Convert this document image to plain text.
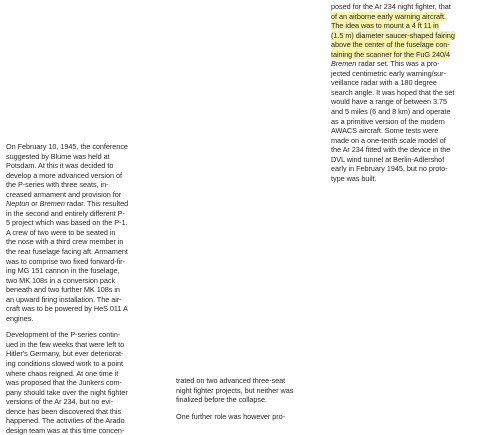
posed for the Ar 234 night fighter, that
of an airborne early warning aircraft.
The idea was to mount a 4 ft 11 in
(1.5 m) diameter saucer-shaped fairing
above the center of the fuselage con-
taining the scanner for the FuG 240/4
Bremen radar set. This was a pro-
jected centimetric early warning/sur-
veillance radar with a 180 degree
search angle. It was hoped that the set
would have a range of between 3.75
and 5 miles (6 and 8 km) and operate
as a primitive version of the modern
AWACS aircraft. Some tests were
made on a one-tenth scale model of
the Ar 234 fitted with the device in the
DVL wind tunnel at Berlin-Adlershof
early in February 1945, but no proto-
type was built.
On February 10, 1945, the conference
suggested by Blume was held at
Potsdam. At this it was decided to
develop a more advanced version of
the P-series with three seats, in-
creased armament and provision for
Neptun or Bremen radar. This resulted
in the second and entirely different P-
5 project which was based on the P-1.
A crew of two were to be seated in
the nose with a third crew member in
the rear fuselage facing aft. Armament
was to comprise two fixed forward-fir-
ing MG 151 cannon in the fuselage,
two MK 108s in a conversion pack
beneath and two further MK 108s in
an upward firing installation. The air-
craft was to be powered by HeS 011 A
engines.
Development of the P-series contin-
ued in the few weeks that were left to
Hitler's Germany, but ever deteriorat-
ing conditions slowed work to a point
where chaos reigned. At one time it
was proposed that the Junkers com-
pany should take over the night fighter
versions of the Ar 234, but no evi-
dence has been discovered that this
happened. The activities of the Arado
design team was at this time concen-
trated on two advanced three-seat
night fighter projects, but neither was
finalized before the collapse.
One further role was however pro-
